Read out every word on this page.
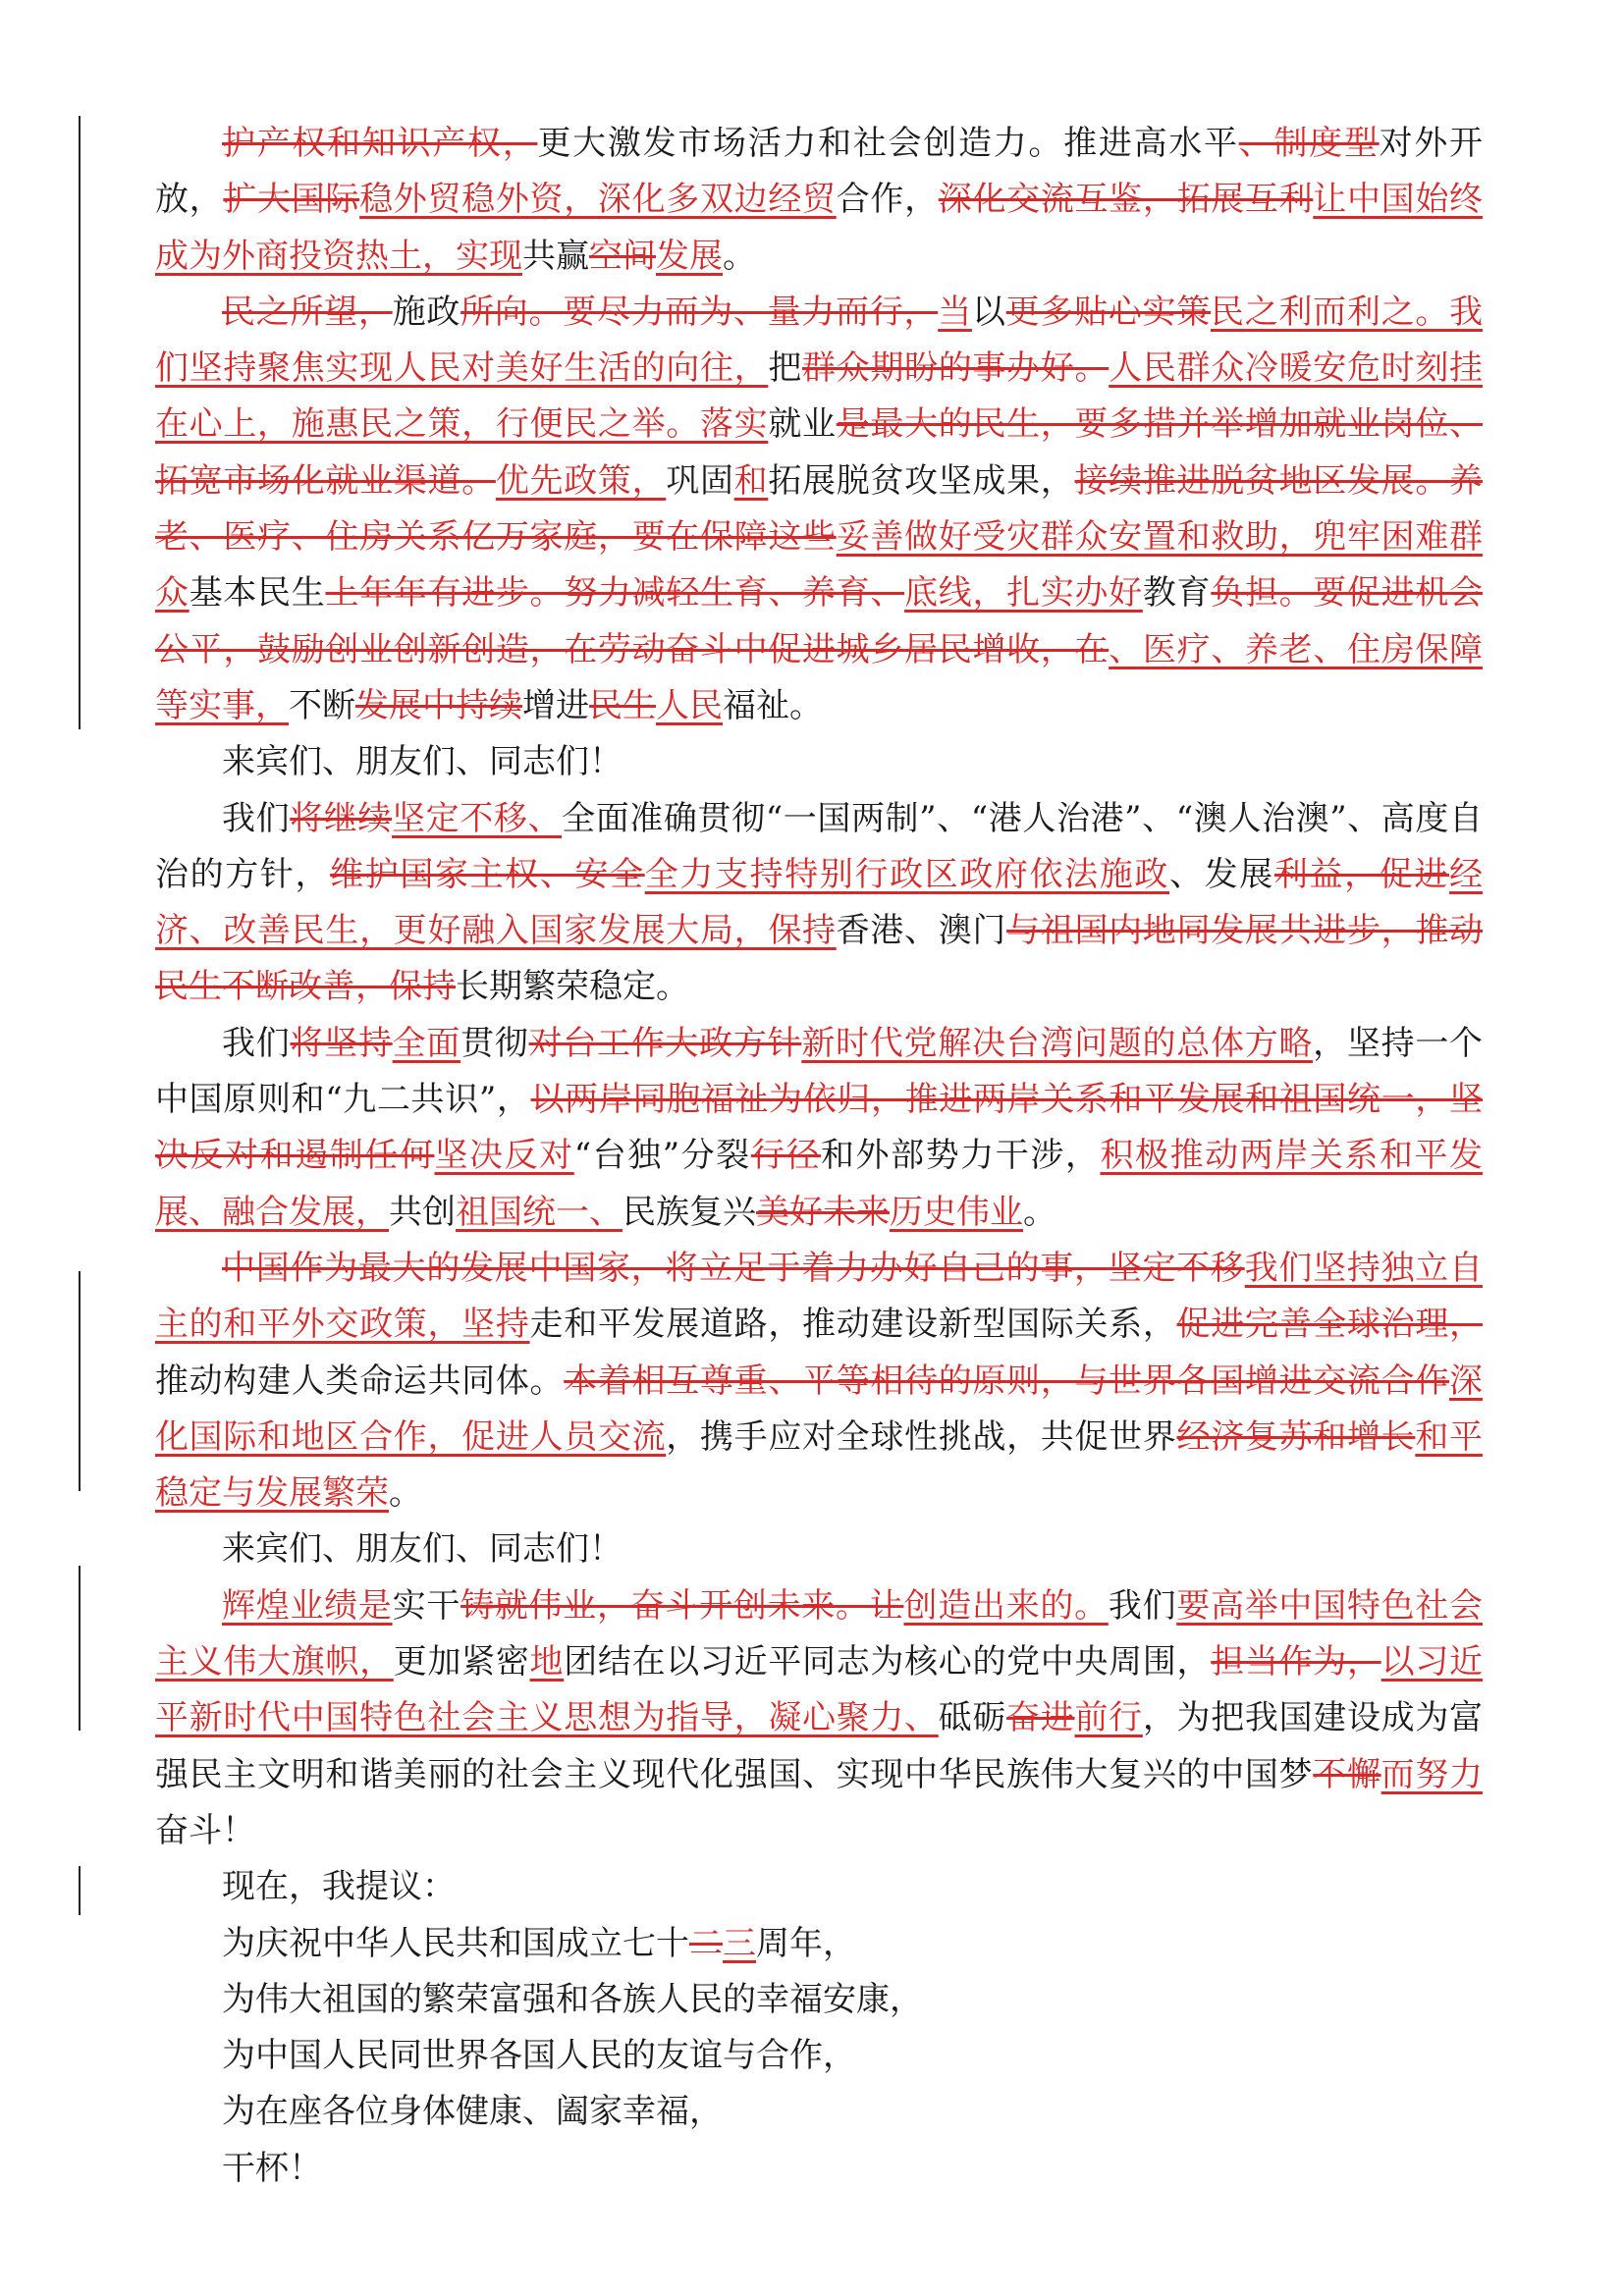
护产权和知识产权，更大激发市场活力和社会创造力。推进高水平、制度型对外开放，扩大国际稳外贸稳外资，深化多双边经贸合作，深化交流互鉴，拓展互利让中国始终成为外商投资热土，实现共赢空间发展。

民之所望，施政所向。要尽力而为、量力而行，当以更多贴心实策民之利而利之。我们坚持聚焦实现人民对美好生活的向往，把群众期盼的事办好。人民群众冷暖安危时刻挂在心上，施惠民之策，行便民之举。落实就业是最大的民生，要多措并举增加就业岗位、拓宽市场化就业渠道。优先政策，巩固和拓展脱贫攻坚成果，接续推进脱贫地区发展。养老、医疗、住房关系亿万家庭，要在保障这些妥善做好受灾群众安置和救助，兜牢困难群众基本民生上年年有进步。努力减轻生育、养育、底线，扎实办好教育负担。要促进机会公平，鼓励创业创新创造，在劳动奋斗中促进城乡居民增收，在、医疗、养老、住房保障等实事，不断发展中持续增进民生人民福祉。

来宾们、朋友们、同志们！

我们将继续坚定不移、全面准确贯彻“一国两制”、“港人治港”、“澳人治澳”、高度自治的方针，维护国家主权、安全全力支持特别行政区政府依法施政、发展利益，促进经济、改善民生，更好融入国家发展大局，保持香港、澳门与祖国内地同发展共进步，推动民生不断改善，保持长期繁荣稳定。

我们将坚持全面贯彻对台工作大政方针新时代党解决台湾问题的总体方略，坚持一个中国原则和“九二共识”，以两岸同胞福祉为依归，推进两岸关系和平发展和祖国统一，坚决反对和遏制任何坚决反对“台独”分裂行径和外部势力干涉，积极推动两岸关系和平发展、融合发展，共创祖国统一、民族复兴美好未来历史伟业。

中国作为最大的发展中国家，将立足于着力办好自己的事，坚定不移我们坚持独立自主的和平外交政策，坚持走和平发展道路，推动建设新型国际关系，促进完善全球治理，推动构建人类命运共同体。本着相互尊重、平等相待的原则，与世界各国增进交流合作深化国际和地区合作，促进人员交流，携手应对全球性挑战，共促世界经济复苏和增长和平稳定与发展繁荣。

来宾们、朋友们、同志们！

辉煌业绩是实干铸就伟业，奋斗开创未来。让创造出来的。我们要高举中国特色社会主义伟大旗帜，更加紧密地团结在以习近平同志为核心的党中央周围，担当作为，以习近平新时代中国特色社会主义思想为指导，凝心聚力、砥砺奋进前行，为把我国建设成为富强民主文明和谐美丽的社会主义现代化强国、实现中华民族伟大复兴的中国梦不懈而努力奋斗！

现在，我提议：

为庆祝中华人民共和国成立七十二三周年，

为伟大祖国的繁荣富强和各族人民的幸福安康，

为中国人民同世界各国人民的友谊与合作，

为在座各位身体健康、阖家幸福，

干杯！
